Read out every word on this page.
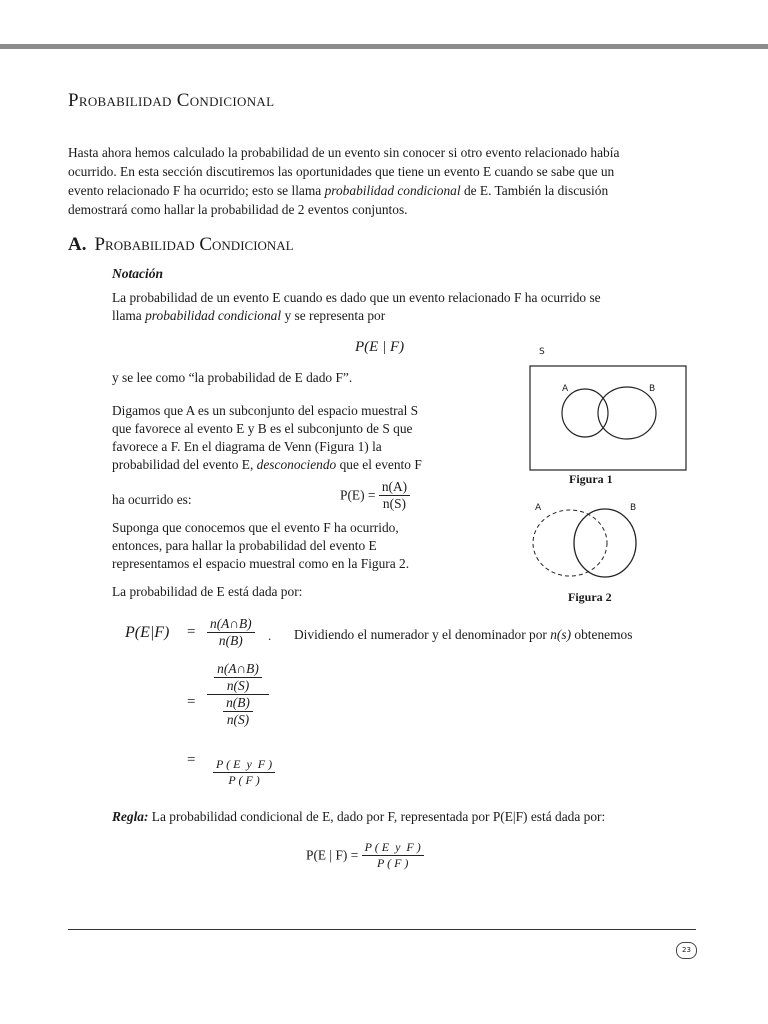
Probabilidad Condicional

Hasta ahora hemos calculado la probabilidad de un evento sin conocer si otro evento relacionado había

ocurrido. En esta sección discutiremos las oportunidades que tiene un evento E cuando se sabe que un

evento relacionado F ha ocurrido; esto se llama probabilidad condicional de E. También la discusión

demostrará como hallar la probabilidad de 2 eventos conjuntos.

A. Probabilidad Condicional
Notación
La probabilidad de un evento E cuando es dado que un evento relacionado F ha ocurrido se
llama probabilidad condicional y se representa por
P(E | F)
y se lee como “la probabilidad de E dado F”.
Digamos que A es un subconjunto del espacio muestral S
que favorece al evento E y B es el subconjunto de S que
favorece a F. En el diagrama de Venn (Figura 1) la
probabilidad del evento E, desconociendo que el evento F
ha ocurrido es:	$P(E) = \frac{n(A)}{n(S)}$
Suponga que conocemos que el evento F ha ocurrido,
entonces, para hallar la probabilidad del evento E
representamos el espacio muestral como en la Figura 2.
La probabilidad de E está dada por:
S
A	B
Figura 1
A	B
Figura 2
$P(E|F) = \frac{n(A\cap B)}{n(B)}$ . Dividiendo el numerador y el denominador por n(s) obtenemos
=
$\frac{n(A\cap B)}{n(S)}$
$\frac{n(B)}{n(S)}$
=

$\frac{\text{P ( E  y  F )}}{P ( F )}$

Regla: La probabilidad condicional de E, dado por F, representada por P(E|F) está dada por:
P(E | $F) = \frac{\text{P ( E  y  F )}}{P ( F )}$
23
